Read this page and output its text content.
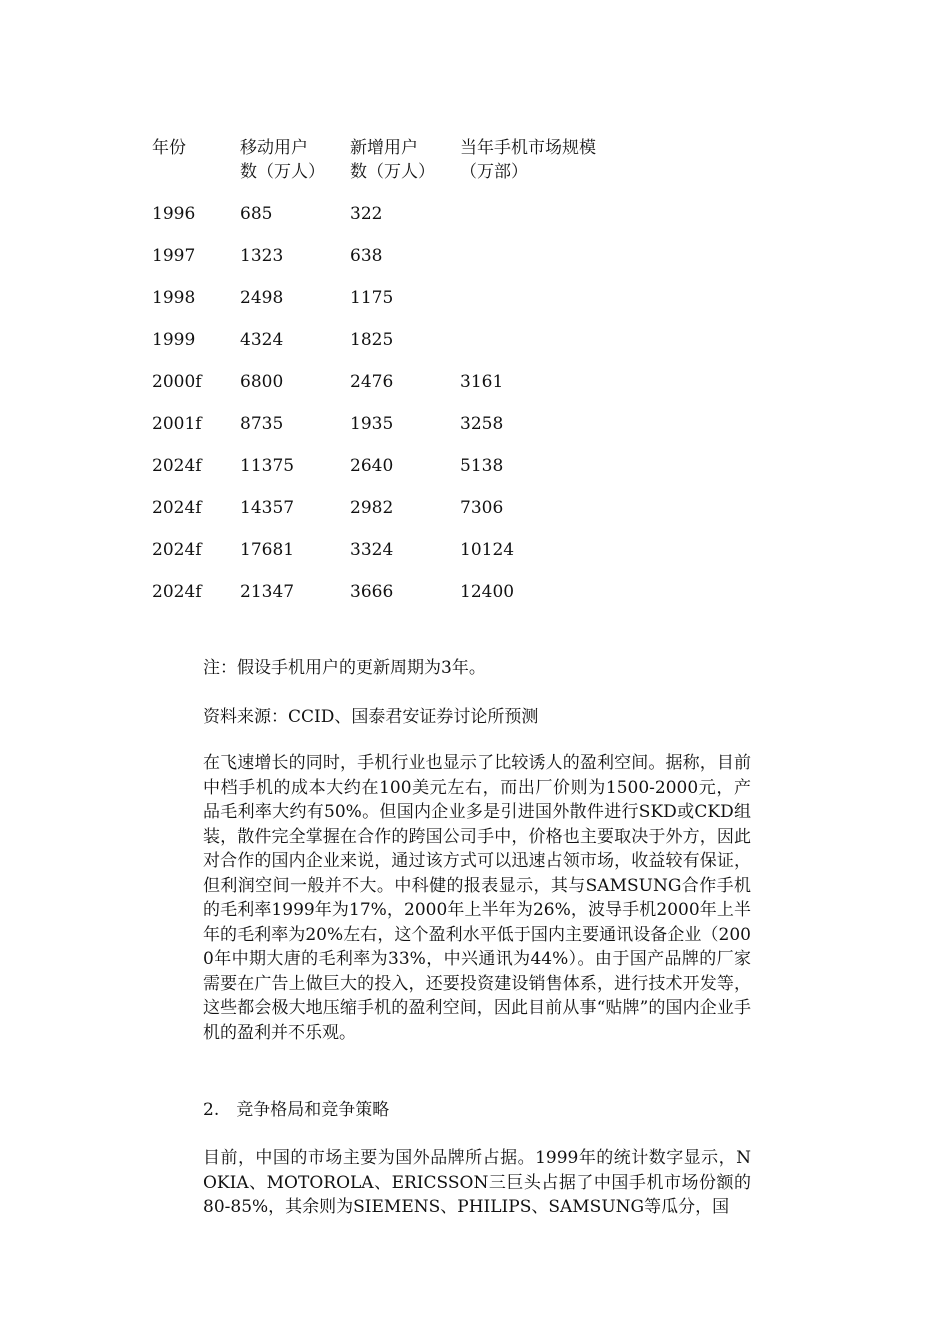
年份	移动用户数（万人）	新增用户数（万人）	当年手机市场规模（万部）

1996	685	322	
1997	1323	638	
1998	2498	1175	
1999	4324	1825	
2000f	6800	2476	3161
2001f	8735	1935	3258
2024f	11375	2640	5138
2024f	14357	2982	7306
2024f	17681	3324	10124
2024f	21347	3666	12400

注：假设手机用户的更新周期为3年。

资料来源：CCID、国泰君安证券讨论所预测

在飞速增长的同时，手机行业也显示了比较诱人的盈利空间。据称，目前中档手机的成本大约在100美元左右，而出厂价则为1500-2000元，产品毛利率大约有50%。但国内企业多是引进国外散件进行SKD或CKD组装，散件完全掌握在合作的跨国公司手中，价格也主要取决于外方，因此对合作的国内企业来说，通过该方式可以迅速占领市场，收益较有保证，但利润空间一般并不大。中科健的报表显示，其与SAMSUNG合作手机的毛利率1999年为17%，2000年上半年为26%，波导手机2000年上半年的毛利率为20%左右，这个盈利水平低于国内主要通讯设备企业（2000年中期大唐的毛利率为33%，中兴通讯为44%）。由于国产品牌的厂家需要在广告上做巨大的投入，还要投资建设销售体系，进行技术开发等，这些都会极大地压缩手机的盈利空间，因此目前从事“贴牌”的国内企业手机的盈利并不乐观。

2.　竞争格局和竞争策略

目前，中国的市场主要为国外品牌所占据。1999年的统计数字显示，NOKIA、MOTOROLA、ERICSSON三巨头占据了中国手机市场份额的80-85%，其余则为SIEMENS、PHILIPS、SAMSUNG等瓜分，国
